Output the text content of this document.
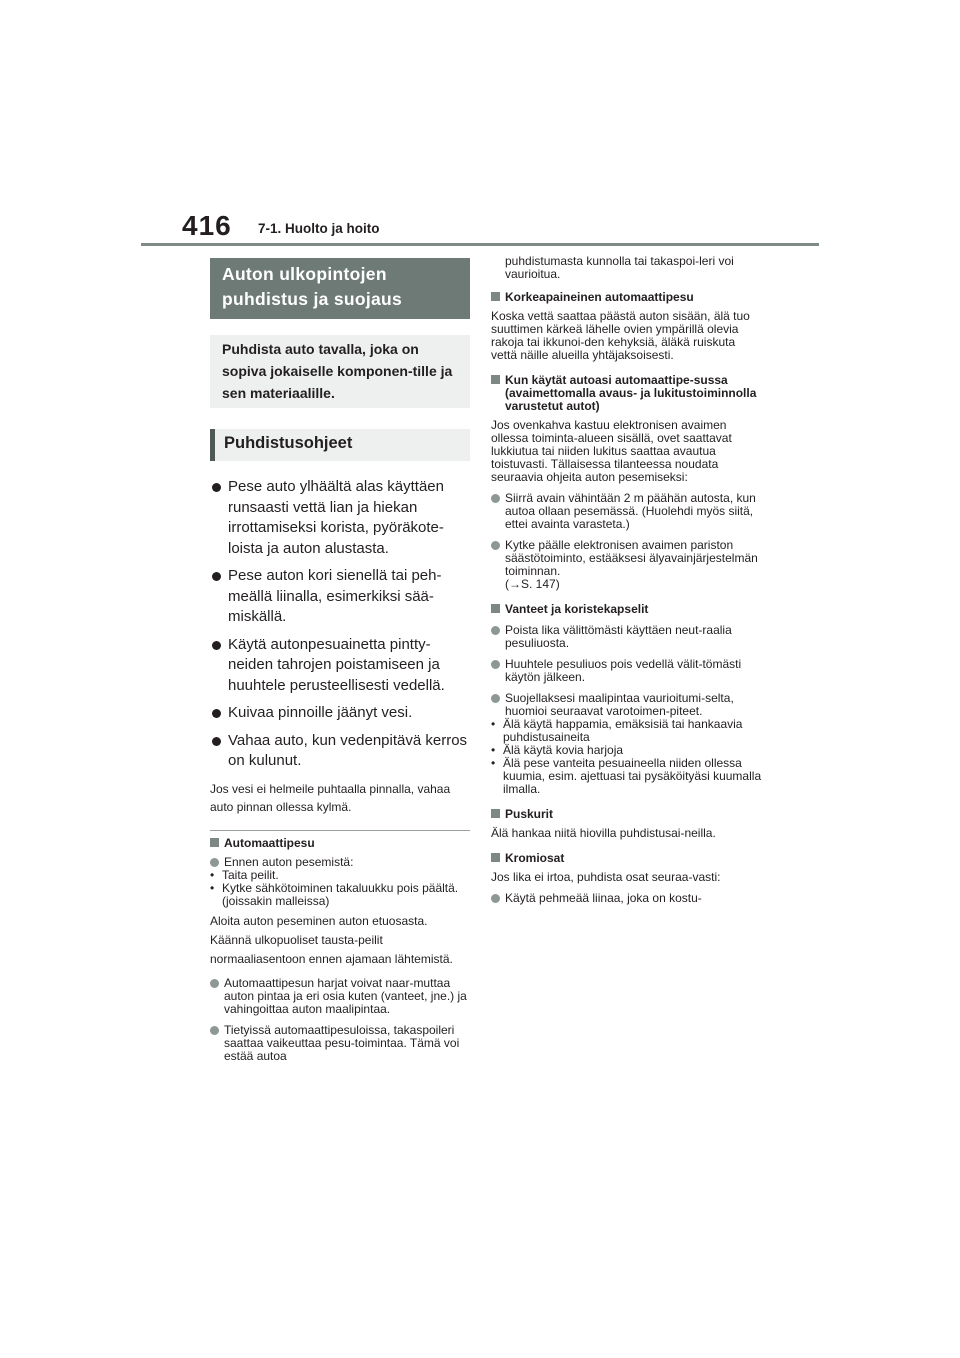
416 7-1. Huolto ja hoito
Auton ulkopintojen puhdistus ja suojaus
Puhdista auto tavalla, joka on sopiva jokaiselle komponen-tille ja sen materiaalille.
Puhdistusohjeet
Pese auto ylhäältä alas käyttäen runsaasti vettä lian ja hiekan irrottamiseksi korista, pyöräkote-loista ja auton alustasta.
Pese auton kori sienellä tai peh-meällä liinalla, esimerkiksi sää-miskällä.
Käytä autonpesuainetta pintty-neiden tahrojen poistamiseen ja huuhtele perusteellisesti vedellä.
Kuivaa pinnoille jäänyt vesi.
Vahaa auto, kun vedenpitävä kerros on kulunut.
Jos vesi ei helmeile puhtaalla pinnalla, vahaa auto pinnan ollessa kylmä.
Automaattipesu
Ennen auton pesemistä:
• Taita peilit.
• Kytke sähkötoiminen takaluukku pois päältä. (joissakin malleissa)
Aloita auton peseminen auton etuosasta. Käännä ulkopuoliset tausta-peilit normaaliasentoon ennen ajamaan lähtemistä.
Automaattipesun harjat voivat naar-muttaa auton pintaa ja eri osia kuten (vanteet, jne.) ja vahingoittaa auton maalipintaa.
Tietyissä automaattipesuloissa, takaspoileri saattaa vaikeuttaa pesu-toimintaa. Tämä voi estää autoa
puhdistumasta kunnolla tai takaspoi-leri voi vaurioitua.
Korkeapaineinen automaattipesu
Koska vettä saattaa päästä auton sisään, älä tuo suuttimen kärkeä lähelle ovien ympärillä olevia rakoja tai ikkunoi-den kehyksiä, äläkä ruiskuta vettä näille alueilla yhtäjaksoisesti.
Kun käytät autoasi automaattipe-sussa (avaimettomalla avaus- ja lukitustoiminnolla varustetut autot)
Jos ovenkahva kastuu elektronisen avaimen ollessa toiminta-alueen sisällä, ovet saattavat lukkiutua tai niiden lukitus saattaa avautua toistuvasti. Tällaisessa tilanteessa noudata seuraavia ohjeita auton pesemiseksi:
Siirrä avain vähintään 2 m päähän autosta, kun autoa ollaan pesemässä. (Huolehdi myös siitä, ettei avainta varasteta.)
Kytke päälle elektronisen avaimen pariston säästötoiminto, estääksesi älyavainjärjestelmän toiminnan.
(→S. 147)
Vanteet ja koristekapselit
Poista lika välittömästi käyttäen neut-raalia pesuliuosta.
Huuhtele pesuliuos pois vedellä välit-tömästi käytön jälkeen.
Suojellaksesi maalipintaa vaurioitumi-selta, huomioi seuraavat varotoimen-piteet.
• Älä käytä happamia, emäksisiä tai hankaavia puhdistusaineita
• Älä käytä kovia harjoja
• Älä pese vanteita pesuaineella niiden ollessa kuumia, esim. ajettuasi tai pysäköityäsi kuumalla ilmalla.
Puskurit
Älä hankaa niitä hiovilla puhdistusai-neilla.
Kromiosat
Jos lika ei irtoa, puhdista osat seuraa-vasti:
Käytä pehmeää liinaa, joka on kostu-
